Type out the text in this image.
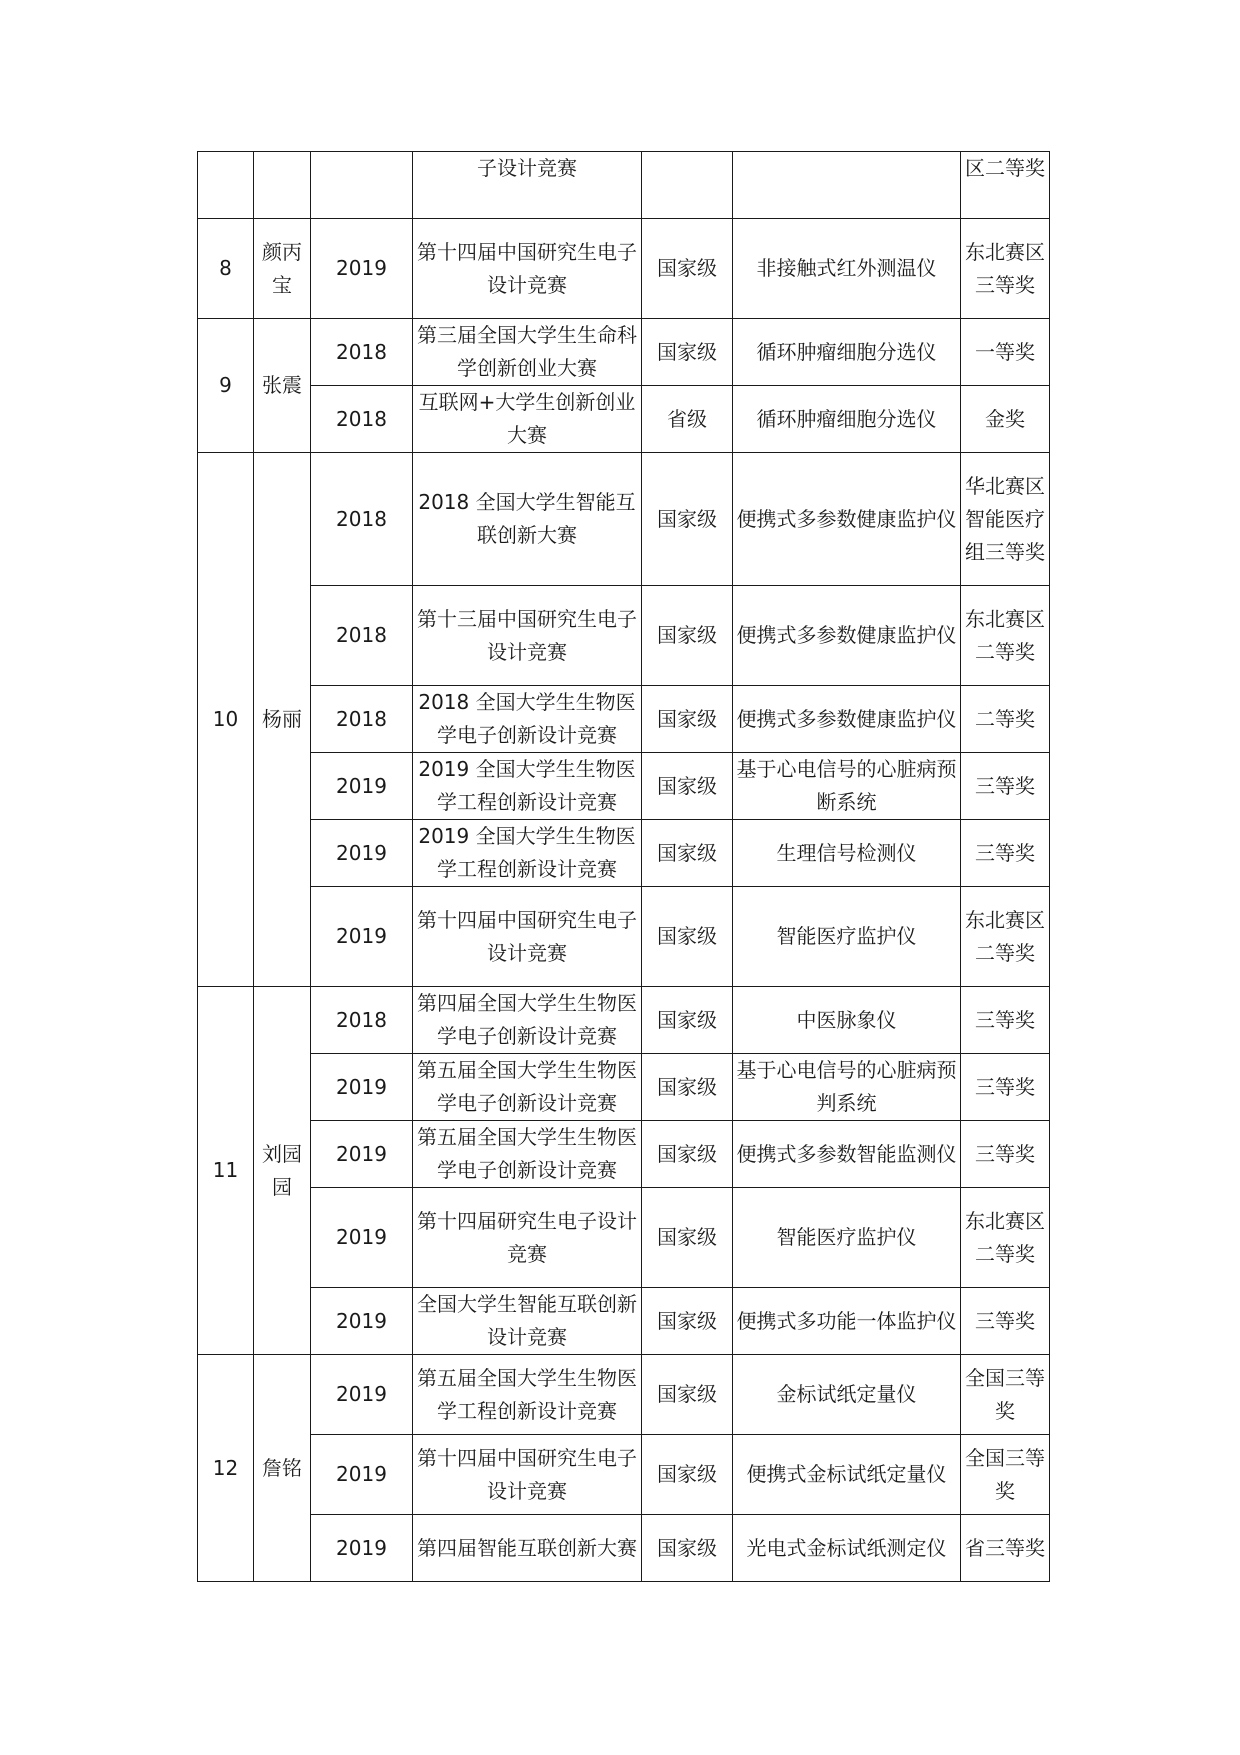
			子设计竞赛			区二等奖
8	颜丙宝	2019	第十四届中国研究生电子设计竞赛	国家级	非接触式红外测温仪	东北赛区三等奖
9	张震	2018	第三届全国大学生生命科学创新创业大赛	国家级	循环肿瘤细胞分选仪	一等奖
		2018	互联网+大学生创新创业大赛	省级	循环肿瘤细胞分选仪	金奖
10	杨丽	2018	2018 全国大学生智能互联创新大赛	国家级	便携式多参数健康监护仪	华北赛区智能医疗组三等奖
		2018	第十三届中国研究生电子设计竞赛	国家级	便携式多参数健康监护仪	东北赛区二等奖
		2018	2018 全国大学生生物医学电子创新设计竞赛	国家级	便携式多参数健康监护仪	二等奖
		2019	2019 全国大学生生物医学工程创新设计竞赛	国家级	基于心电信号的心脏病预断系统	三等奖
		2019	2019 全国大学生生物医学工程创新设计竞赛	国家级	生理信号检测仪	三等奖
		2019	第十四届中国研究生电子设计竞赛	国家级	智能医疗监护仪	东北赛区二等奖
11	刘园园	2018	第四届全国大学生生物医学电子创新设计竞赛	国家级	中医脉象仪	三等奖
		2019	第五届全国大学生生物医学电子创新设计竞赛	国家级	基于心电信号的心脏病预判系统	三等奖
		2019	第五届全国大学生生物医学电子创新设计竞赛	国家级	便携式多参数智能监测仪	三等奖
		2019	第十四届研究生电子设计竞赛	国家级	智能医疗监护仪	东北赛区二等奖
		2019	全国大学生智能互联创新设计竞赛	国家级	便携式多功能一体监护仪	三等奖
12	詹铭	2019	第五届全国大学生生物医学工程创新设计竞赛	国家级	金标试纸定量仪	全国三等奖
		2019	第十四届中国研究生电子设计竞赛	国家级	便携式金标试纸定量仪	全国三等奖
		2019	第四届智能互联创新大赛	国家级	光电式金标试纸测定仪	省三等奖
